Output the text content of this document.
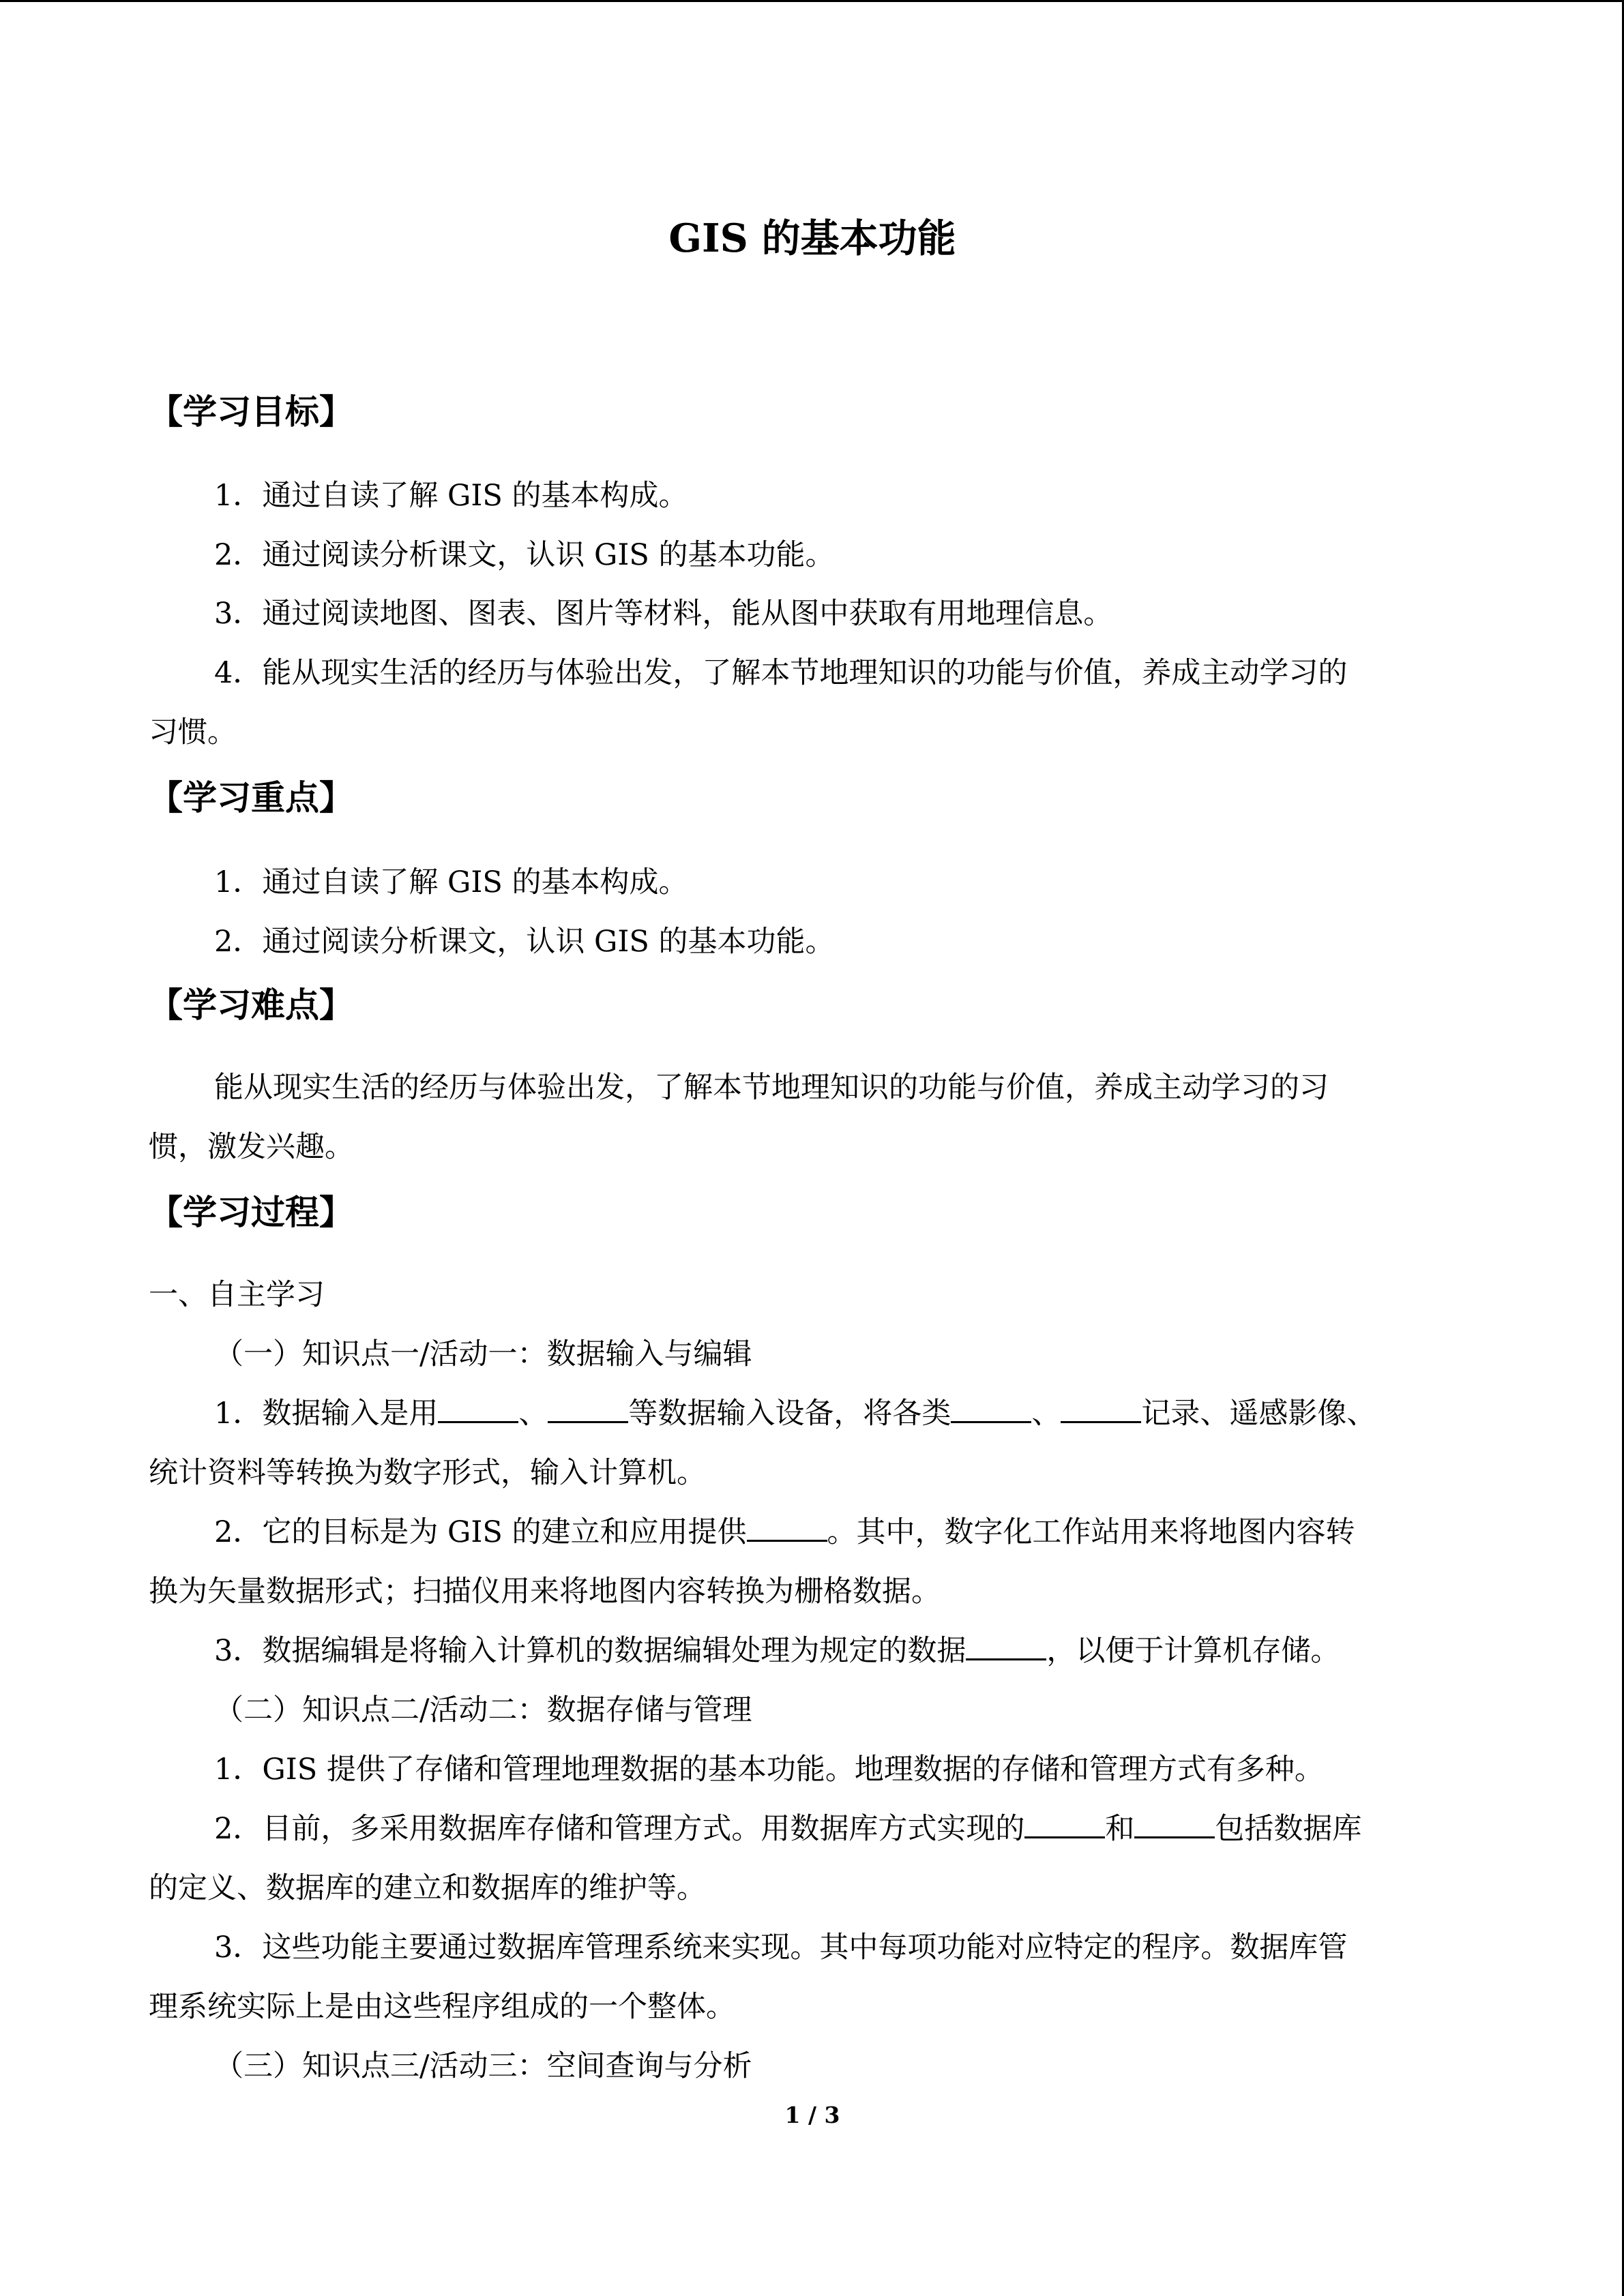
GIS 的基本功能
【学习目标】
1．通过自读了解 GIS 的基本构成。
2．通过阅读分析课文，认识 GIS 的基本功能。
3．通过阅读地图、图表、图片等材料，能从图中获取有用地理信息。
4．能从现实生活的经历与体验出发，了解本节地理知识的功能与价值，养成主动学习的
习惯。
【学习重点】
1．通过自读了解 GIS 的基本构成。
2．通过阅读分析课文，认识 GIS 的基本功能。
【学习难点】
能从现实生活的经历与体验出发，了解本节地理知识的功能与价值，养成主动学习的习
惯，激发兴趣。
【学习过程】
一、自主学习
（一）知识点一/活动一：数据输入与编辑
1．数据输入是用	、	等数据输入设备，将各类	、	记录、遥感影像、
统计资料等转换为数字形式，输入计算机。
2．它的目标是为 GIS 的建立和应用提供	。其中，数字化工作站用来将地图内容转
换为矢量数据形式；扫描仪用来将地图内容转换为栅格数据。
3．数据编辑是将输入计算机的数据编辑处理为规定的数据	，以便于计算机存储。
（二）知识点二/活动二：数据存储与管理
1．GIS 提供了存储和管理地理数据的基本功能。地理数据的存储和管理方式有多种。
2．目前，多采用数据库存储和管理方式。用数据库方式实现的	和	包括数据库
的定义、数据库的建立和数据库的维护等。
3．这些功能主要通过数据库管理系统来实现。其中每项功能对应特定的程序。数据库管
理系统实际上是由这些程序组成的一个整体。
（三）知识点三/活动三：空间查询与分析
1 / 3
